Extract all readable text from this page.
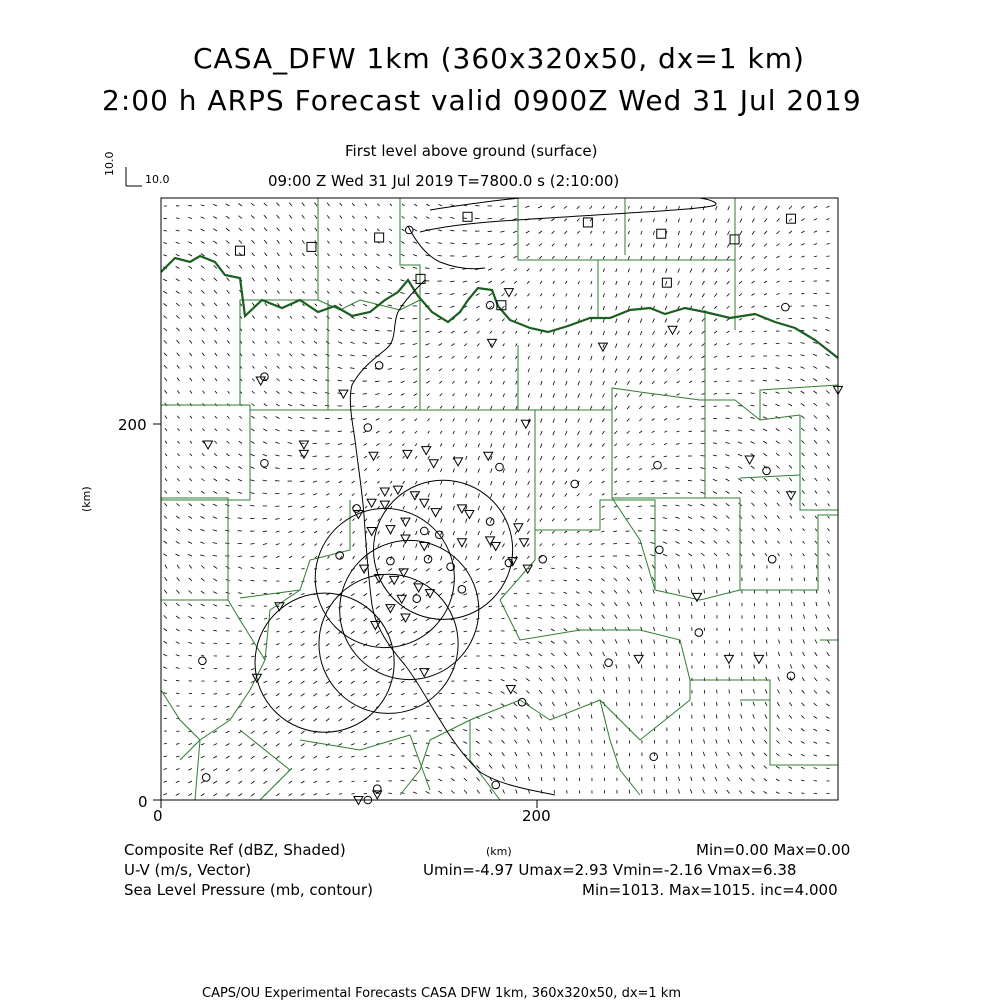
CASA_DFW 1km (360x320x50, dx=1 km)
2:00 h ARPS Forecast valid 0900Z Wed 31 Jul 2019
First level above ground (surface)
09:00 Z Wed 31 Jul 2019 T=7800.0 s (2:10:00)
10.0
10.0
200
0
0	200
(km)
(km)
Composite Ref (dBZ, Shaded)	Min=0.00 Max=0.00
U-V (m/s, Vector)	Umin=-4.97 Umax=2.93 Vmin=-2.16 Vmax=6.38
Sea Level Pressure (mb, contour)	Min=1013. Max=1015. inc=4.000
CAPS/OU Experimental Forecasts CASA DFW 1km, 360x320x50, dx=1 km
